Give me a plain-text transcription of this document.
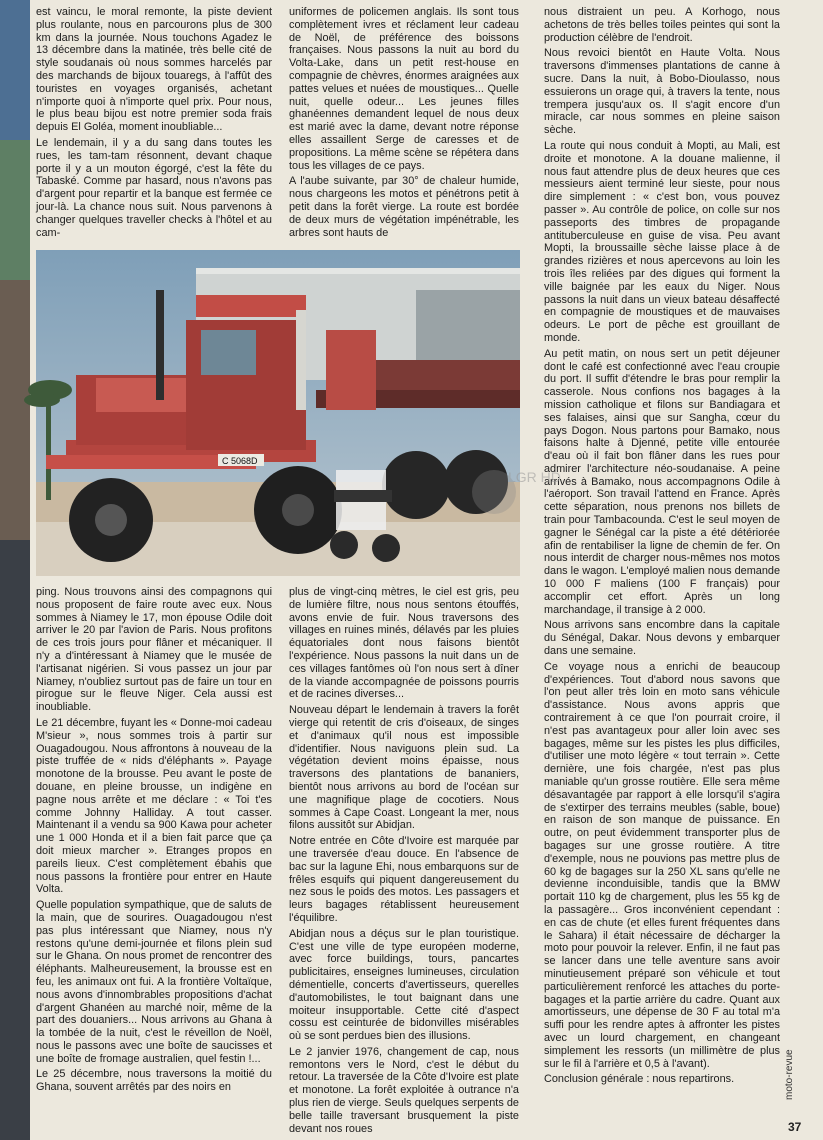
est vaincu, le moral remonte, la piste devient plus roulante, nous en parcourons plus de 300 km dans la journée. Nous touchons Agadez le 13 décembre dans la matinée, très belle cité de style soudanais où nous sommes harcelés par des marchands de bijoux touaregs, à l'affût des touristes en voyages organisés, achetant n'importe quoi à n'importe quel prix. Pour nous, le plus beau bijou est notre premier soda frais depuis El Goléa, moment inoubliable...

Le lendemain, il y a du sang dans toutes les rues, les tam-tam résonnent, devant chaque porte il y a un mouton égorgé, c'est la fête du Tabaské. Comme par hasard, nous n'avons pas d'argent pour repartir et la banque est fermée ce jour-là. La chance nous suit. Nous parvenons à changer quelques traveller checks à l'hôtel et au cam-

uniformes de policemen anglais. Ils sont tous complètement ivres et réclament leur cadeau de Noël, de préférence des boissons françaises. Nous passons la nuit au bord du Volta-Lake, dans un petit rest-house en compagnie de chèvres, énormes araignées aux pattes velues et nuées de moustiques... Quelle nuit, quelle odeur... Les jeunes filles ghanéennes demandent lequel de nous deux est marié avec la dame, devant notre réponse elles assaillent Serge de caresses et de propositions. La même scène se répétera dans tous les villages de ce pays.

A l'aube suivante, par 30° de chaleur humide, nous chargeons les motos et pénétrons petit à petit dans la forêt vierge. La route est bordée de deux murs de végétation impénétrable, les arbres sont hauts de

nous distraient un peu. A Korhogo, nous achetons de très belles toiles peintes qui sont la production célèbre de l'endroit.

Nous revoici bientôt en Haute Volta. Nous traversons d'immenses plantations de canne à sucre. Dans la nuit, à Bobo-Dioulasso, nous essuierons un orage qui, à travers la tente, nous trempera jusqu'aux os. Il s'agit encore d'un miracle, car nous sommes en pleine saison sèche.

La route qui nous conduit à Mopti, au Mali, est droite et monotone. A la douane malienne, il nous faut attendre plus de deux heures que ces messieurs aient terminé leur sieste, pour nous dire simplement : « c'est bon, vous pouvez passer ». Au contrôle de police, on colle sur nos passeports des timbres de propagande antituberculeuse en guise de visa. Peu avant Mopti, la broussaille sèche laisse place à de grandes rizières et nous apercevons au loin les trois îles reliées par des digues qui forment la ville baignée par les eaux du Niger. Nous passons la nuit dans un vieux bateau désaffecté en compagnie de moustiques et de mauvaises odeurs. Le port de pêche est grouillant de monde.

Au petit matin, on nous sert un petit déjeuner dont le café est confectionné avec l'eau croupie du port. Il suffit d'étendre le bras pour remplir la casserole. Nous confions nos bagages à la mission catholique et filons sur Bandiagara et ses falaises, ainsi que sur Sangha, cœur du pays Dogon. Nous partons pour Bamako, nous faisons halte à Djenné, petite ville entourée d'eau où il fait bon flâner dans les rues pour admirer l'architecture néo-soudanaise. A peine arrivés à Bamako, nous accompagnons Odile à l'aéroport. Son travail l'attend en France. Après cette séparation, nous prenons nos billets de train pour Tambacounda. C'est le seul moyen de gagner le Sénégal car la piste a été détériorée afin de rentabiliser la ligne de chemin de fer. On nous interdit de charger nous-mêmes nos motos dans le wagon. L'employé malien nous demande 10 000 F maliens (100 F français) pour accomplir cet effort. Après un long marchandage, il transige à 2 000.

Nous arrivons sans encombre dans la capitale du Sénégal, Dakar. Nous devons y embarquer dans une semaine.

Ce voyage nous a enrichi de beaucoup d'expériences. Tout d'abord nous savons que l'on peut aller très loin en moto sans véhicule d'assistance. Nous avons appris que contrairement à ce que l'on pourrait croire, il n'est pas avantageux pour aller loin avec ses bagages, même sur les pistes les plus difficiles, d'utiliser une moto légère « tout terrain ». Cette dernière, une fois chargée, n'est pas plus maniable qu'un grosse routière. Elle sera même désavantagée par rapport à elle lorsqu'il s'agira de s'extirper des terrains meubles (sable, boue) en raison de son manque de puissance. En outre, on peut évidemment transporter plus de bagages sur une grosse routière. A titre d'exemple, nous ne pouvions pas mettre plus de 60 kg de bagages sur la 250 XL sans qu'elle ne devienne inconduisible, tandis que la BMW portait 110 kg de chargement, plus les 55 kg de la passagère... Gros inconvénient cependant : en cas de chute (et elles furent fréquentes dans le Sahara) il était nécessaire de décharger la moto pour pouvoir la relever. Enfin, il ne faut pas se lancer dans une telle aventure sans avoir minutieusement préparé son véhicule et tout particulièrement renforcé les attaches du porte-bagages et la partie arrière du cadre. Quant aux amortisseurs, une dépense de 30 F au total m'a suffi pour les rendre aptes à affronter les pistes avec un lourd chargement, en changeant simplement les ressorts (un millimètre de plus sur le fil à l'arrière et 0,5 à l'avant).

Conclusion générale : nous repartirons.

C 5068D
LGR HD

ping. Nous trouvons ainsi des compagnons qui nous proposent de faire route avec eux. Nous sommes à Niamey le 17, mon épouse Odile doit arriver le 20 par l'avion de Paris. Nous profitons de ces trois jours pour flâner et mécaniquer. Il n'y a d'intéressant à Niamey que le musée de l'artisanat nigérien. Si vous passez un jour par Niamey, n'oubliez surtout pas de faire un tour en pirogue sur le fleuve Niger. Cela aussi est inoubliable.

Le 21 décembre, fuyant les « Donne-moi cadeau M'sieur », nous sommes trois à partir sur Ouagadougou. Nous affrontons à nouveau de la piste truffée de « nids d'éléphants ». Payage monotone de la brousse. Peu avant le poste de douane, en pleine brousse, un indigène en pagne nous arrête et me déclare : « Toi t'es comme Johnny Halliday. A tout casser. Maintenant il a vendu sa 900 Kawa pour acheter une 1 000 Honda et il a bien fait parce que ça doit mieux marcher ». Etranges propos en pareils lieux. C'est complètement ébahis que nous passons la frontière pour entrer en Haute Volta.

Quelle population sympathique, que de saluts de la main, que de sourires. Ouagadougou n'est pas plus intéressant que Niamey, nous n'y restons qu'une demi-journée et filons plein sud sur le Ghana. On nous promet de rencontrer des éléphants. Malheureusement, la brousse est en feu, les animaux ont fui. A la frontière Voltaïque, nous avons d'innombrables propositions d'achat d'argent Ghanéen au marché noir, même de la part des douaniers... Nous arrivons au Ghana à la tombée de la nuit, c'est le réveillon de Noël, nous le passons avec une boîte de saucisses et une boîte de fromage australien, quel festin !...

Le 25 décembre, nous traversons la moitié du Ghana, souvent arrêtés par des noirs en

plus de vingt-cinq mètres, le ciel est gris, peu de lumière filtre, nous nous sentons étouffés, avons envie de fuir. Nous traversons des villages en ruines minés, délavés par les pluies équatoriales dont nous faisons bientôt l'expérience. Nous passons la nuit dans un de ces villages fantômes où l'on nous sert à dîner de la viande accompagnée de poissons pourris et de racines diverses...

Nouveau départ le lendemain à travers la forêt vierge qui retentit de cris d'oiseaux, de singes et d'animaux qu'il nous est impossible d'identifier. Nous naviguons plein sud. La végétation devient moins épaisse, nous traversons des plantations de bananiers, bientôt nous arrivons au bord de l'océan sur une magnifique plage de cocotiers. Nous sommes à Cape Coast. Longeant la mer, nous filons aussitôt sur Abidjan.

Notre entrée en Côte d'Ivoire est marquée par une traversée d'eau douce. En l'absence de bac sur la lagune Ehi, nous embarquons sur de frêles esquifs qui piquent dangereusement du nez sous le poids des motos. Les passagers et leurs bagages rétablissent heureusement l'équilibre.

Abidjan nous a déçus sur le plan touristique. C'est une ville de type européen moderne, avec force buildings, tours, pancartes publicitaires, enseignes lumineuses, circulation démentielle, concerts d'avertisseurs, querelles d'automobilistes, le tout baignant dans une moiteur insupportable. Cette cité d'aspect cossu est ceinturée de bidonvilles misérables où se sont perdues bien des illusions.

Le 2 janvier 1976, changement de cap, nous remontons vers le Nord, c'est le début du retour. La traversée de la Côte d'Ivoire est plate et monotone. La forêt exploitée à outrance n'a plus rien de vierge. Seuls quelques serpents de belle taille traversant brusquement la piste devant nos roues

moto-revue
37
